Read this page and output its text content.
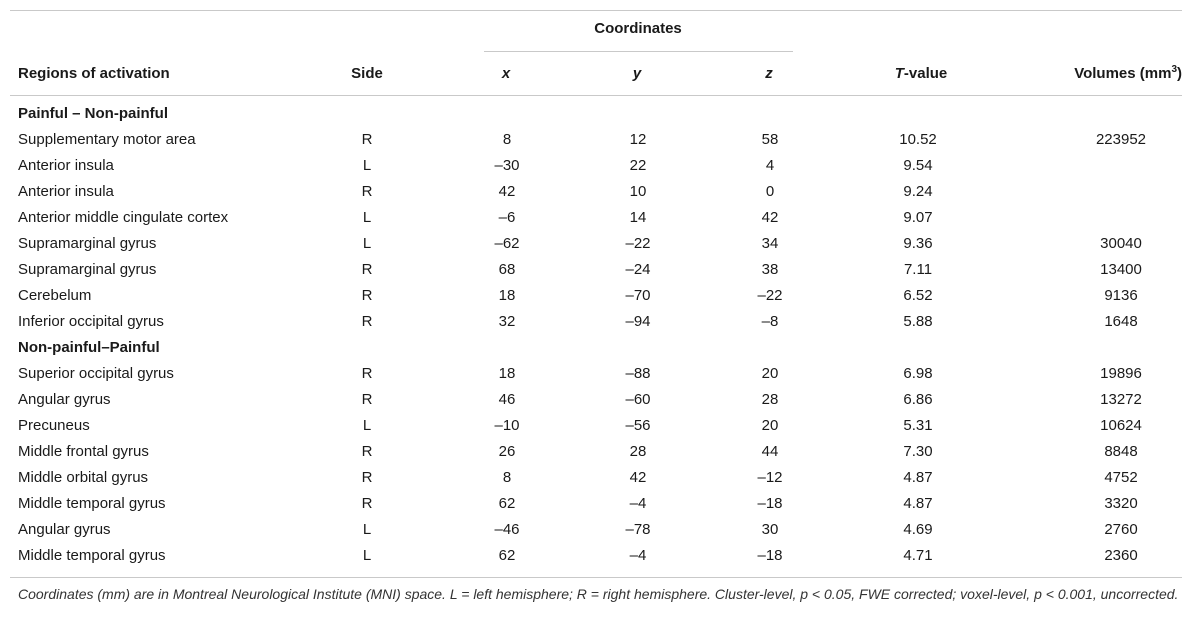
Coordinates
Regions of activation	Side	x	y	z	T-value	Volumes $(mm^3)$
Painful – Non-painful
Supplementary motor area	R	8	12	58	10.52	223952
Anterior insula	L	–30	22	4	9.54
Anterior insula	R	42	10	0	9.24
Anterior middle cingulate cortex	L	–6	14	42	9.07
Supramarginal gyrus	L	–62	–22	34	9.36	30040
Supramarginal gyrus	R	68	–24	38	7.11	13400
Cerebelum	R	18	–70	–22	6.52	9136
Inferior occipital gyrus	R	32	–94	–8	5.88	1648
Non-painful–Painful
Superior occipital gyrus	R	18	–88	20	6.98	19896
Angular gyrus	R	46	–60	28	6.86	13272
Precuneus	L	–10	–56	20	5.31	10624
Middle frontal gyrus	R	26	28	44	7.30	8848
Middle orbital gyrus	R	8	42	–12	4.87	4752
Middle temporal gyrus	R	62	–4	–18	4.87	3320
Angular gyrus	L	–46	–78	30	4.69	2760
Middle temporal gyrus	L	62	–4	–18	4.71	2360
Coordinates (mm) are in Montreal Neurological Institute (MNI) space. L = left hemisphere; R = right hemisphere. Cluster-level, p < 0.05, FWE corrected; voxel-level, p < 0.001, uncorrected.
